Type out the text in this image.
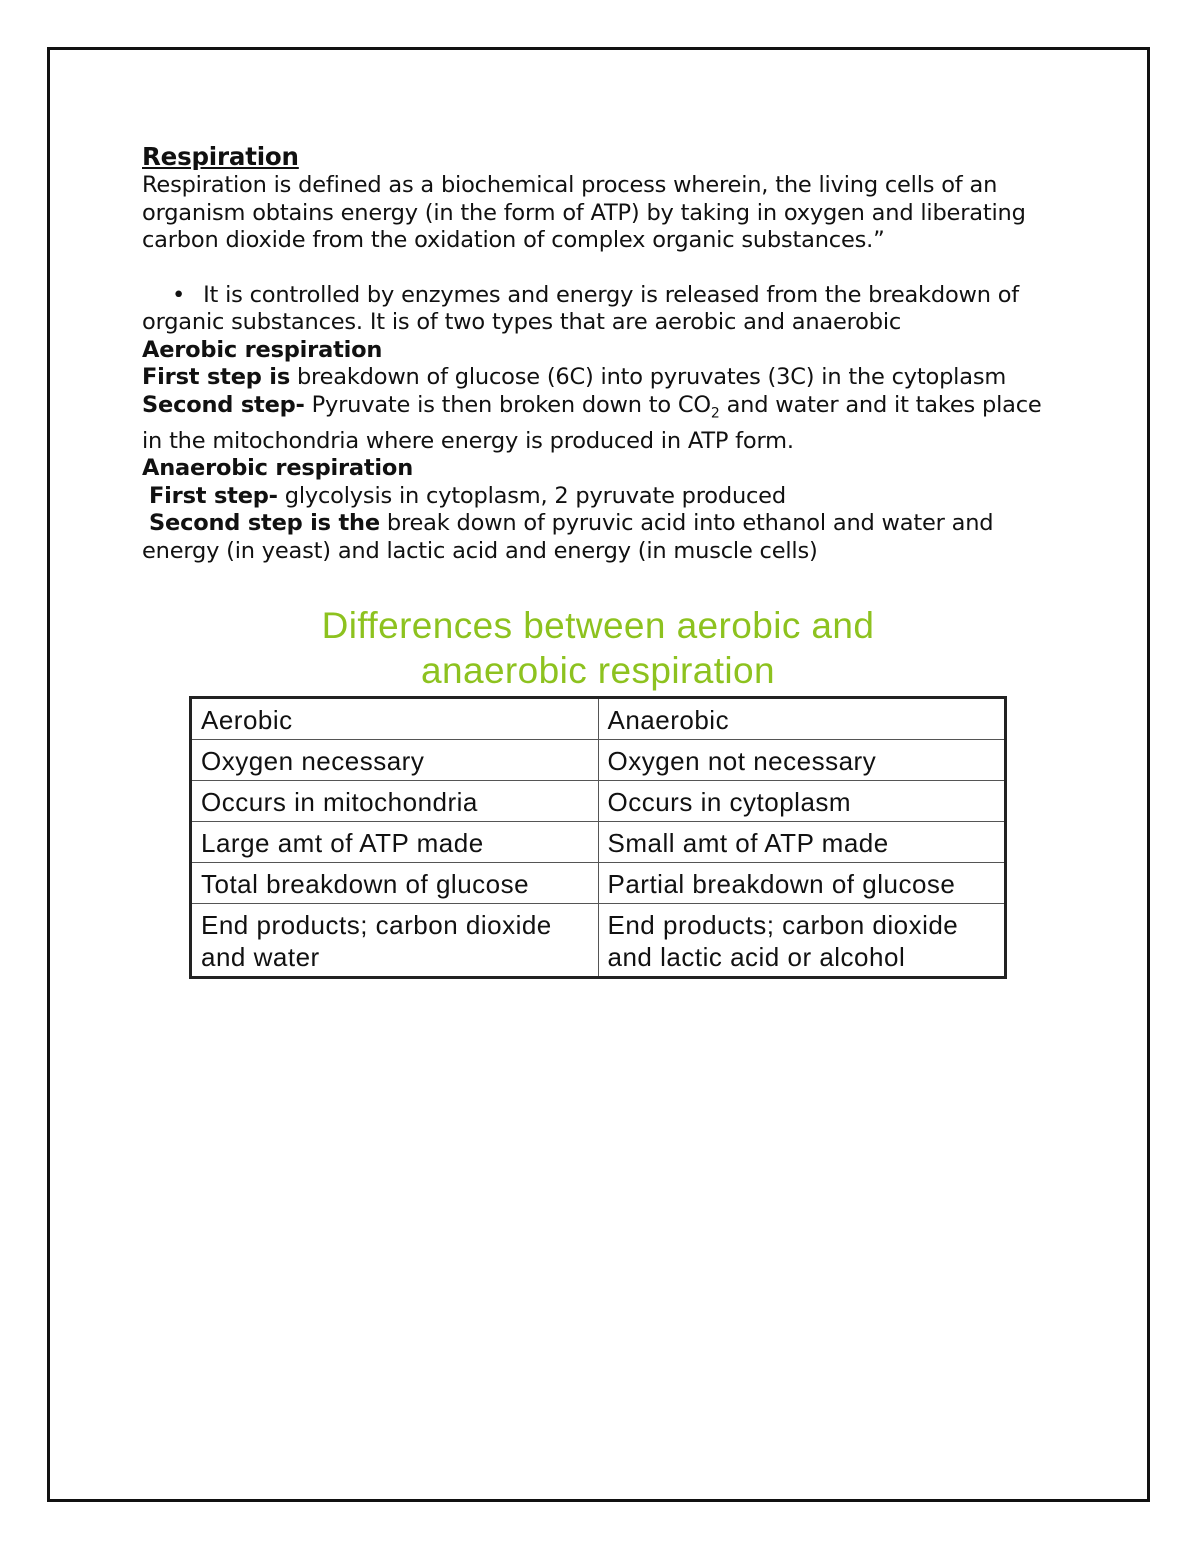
Respiration
Respiration is defined as a biochemical process wherein, the living cells of an organism obtains energy (in the form of ATP) by taking in oxygen and liberating carbon dioxide from the oxidation of complex organic substances.”
• It is controlled by enzymes and energy is released from the breakdown of organic substances. It is of two types that are aerobic and anaerobic
Aerobic respiration
First step is breakdown of glucose (6C) into pyruvates (3C) in the cytoplasm
Second step- Pyruvate is then broken down to $CO_2$ and water and it takes place in the mitochondria where energy is produced in ATP form.
Anaerobic respiration
First step- glycolysis in cytoplasm, 2 pyruvate produced
Second step is the break down of pyruvic acid into ethanol and water and energy (in yeast) and lactic acid and energy (in muscle cells)
Differences between aerobic and
anaerobic respiration
Aerobic	Anaerobic
Oxygen necessary	Oxygen not necessary
Occurs in mitochondria	Occurs in cytoplasm
Large amt of ATP made	Small amt of ATP made
Total breakdown of glucose	Partial breakdown of glucose
End products; carbon dioxide and water	End products; carbon dioxide and lactic acid or alcohol
